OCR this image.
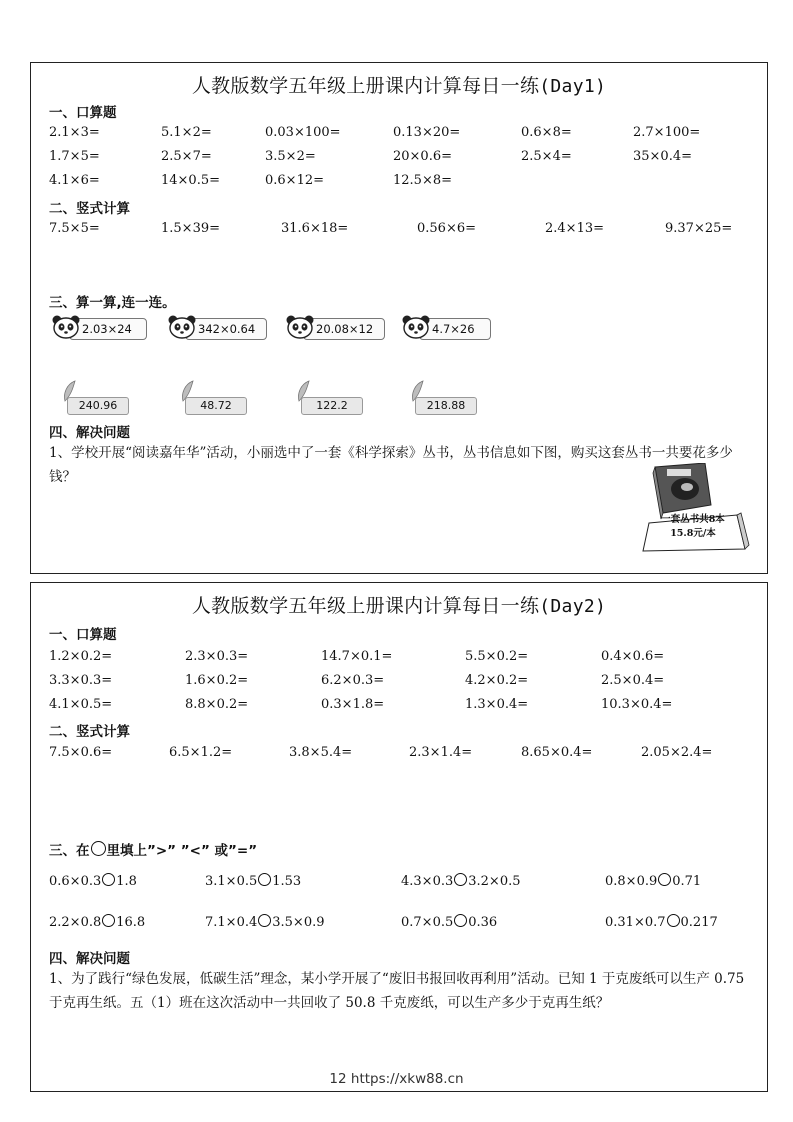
人教版数学五年级上册课内计算每日一练(Day1)
一、口算题
2.1×3=	5.1×2=	0.03×100=	0.13×20=	0.6×8=	2.7×100=
1.7×5=	2.5×7=	3.5×2=	20×0.6=	2.5×4=	35×0.4=
4.1×6=	14×0.5=	0.6×12=	12.5×8=
二、竖式计算
7.5×5=	1.5×39=	31.6×18=	0.56×6=	2.4×13=	9.37×25=
三、算一算,连一连。
2.03×24	342×0.64	20.08×12	4.7×26
240.96	48.72	122.2	218.88
四、解决问题
1、学校开展“阅读嘉年华”活动，小丽选中了一套《科学探索》丛书，丛书信息如下图，购买这套丛书一共要花多少钱？
一套丛书共8本
15.8元/本
人教版数学五年级上册课内计算每日一练(Day2)
一、口算题
1.2×0.2=	2.3×0.3=	14.7×0.1=	5.5×0.2=	0.4×0.6=
3.3×0.3=	1.6×0.2=	6.2×0.3=	4.2×0.2=	2.5×0.4=
4.1×0.5=	8.8×0.2=	0.3×1.8=	1.3×0.4=	10.3×0.4=
二、竖式计算
7.5×0.6=	6.5×1.2=	3.8×5.4=	2.3×1.4=	8.65×0.4=	2.05×2.4=
三、在 里填上”>” ”<” 或”=”
0.6×0.3 1.8	3.1×0.5 1.53	4.3×0.3 3.2×0.5	0.8×0.9 0.71
2.2×0.8 16.8	7.1×0.4 3.5×0.9	0.7×0.5 0.36	0.31×0.7 0.217
四、解决问题
1、为了践行“绿色发展，低碳生活”理念，某小学开展了“废旧书报回收再利用”活动。已知 1 于克废纸可以生产 0.75 于克再生纸。五（1）班在这次活动中一共回收了 50.8 千克废纸，可以生产多少于克再生纸？
12 https://xkw88.cn
